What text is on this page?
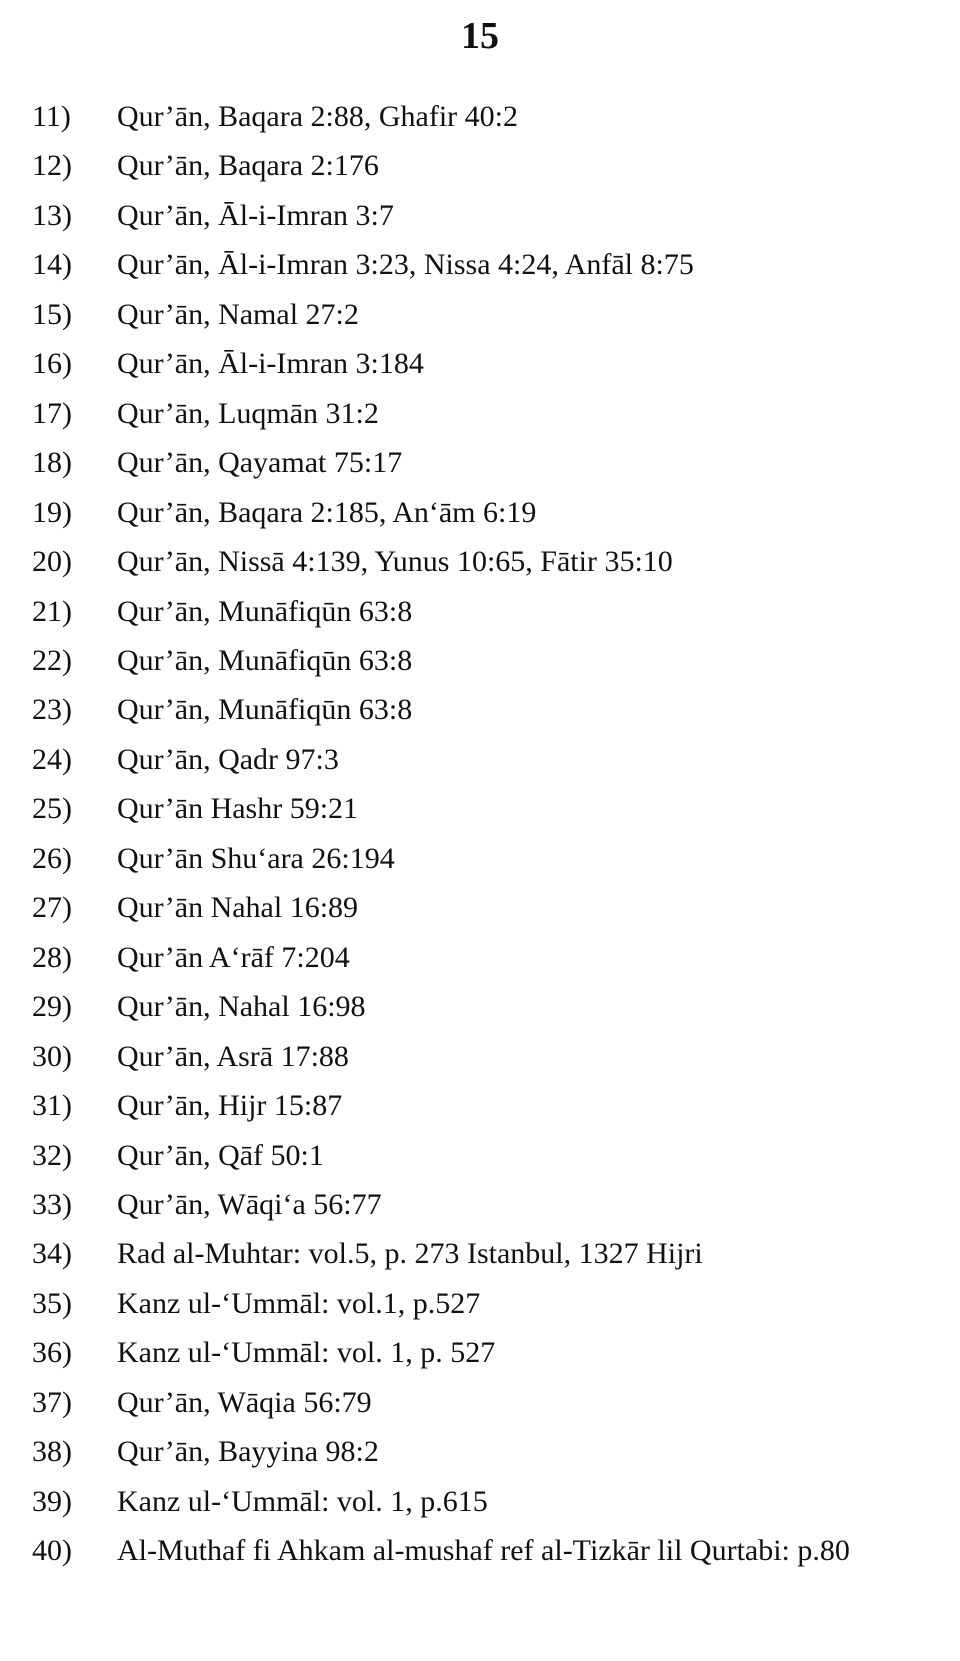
15
11) Qur’ān, Baqara 2:88, Ghafir 40:2
12) Qur’ān, Baqara 2:176
13) Qur’ān, Āl-i-Imran 3:7
14) Qur’ān, Āl-i-Imran 3:23, Nissa 4:24, Anfāl 8:75
15) Qur’ān, Namal 27:2
16) Qur’ān, Āl-i-Imran 3:184
17) Qur’ān, Luqmān 31:2
18) Qur’ān, Qayamat 75:17
19) Qur’ān, Baqara 2:185, An‘ām 6:19
20) Qur’ān, Nissā 4:139, Yunus 10:65, Fātir 35:10
21) Qur’ān, Munāfiqūn 63:8
22) Qur’ān, Munāfiqūn 63:8
23) Qur’ān, Munāfiqūn 63:8
24) Qur’ān, Qadr 97:3
25) Qur’ān Hashr 59:21
26) Qur’ān Shu‘ara 26:194
27) Qur’ān Nahal 16:89
28) Qur’ān A‘rāf 7:204
29) Qur’ān, Nahal 16:98
30) Qur’ān, Asrā 17:88
31) Qur’ān, Hijr 15:87
32) Qur’ān, Qāf 50:1
33) Qur’ān, Wāqi‘a 56:77
34) Rad al-Muhtar: vol.5, p. 273 Istanbul, 1327 Hijri
35) Kanz ul-‘Ummāl: vol.1, p.527
36) Kanz ul-‘Ummāl: vol. 1, p. 527
37) Qur’ān, Wāqia 56:79
38) Qur’ān, Bayyina 98:2
39) Kanz ul-‘Ummāl: vol. 1, p.615
40) Al-Muthaf fi Ahkam al-mushaf ref al-Tizkār lil Qurtabi: p.80
